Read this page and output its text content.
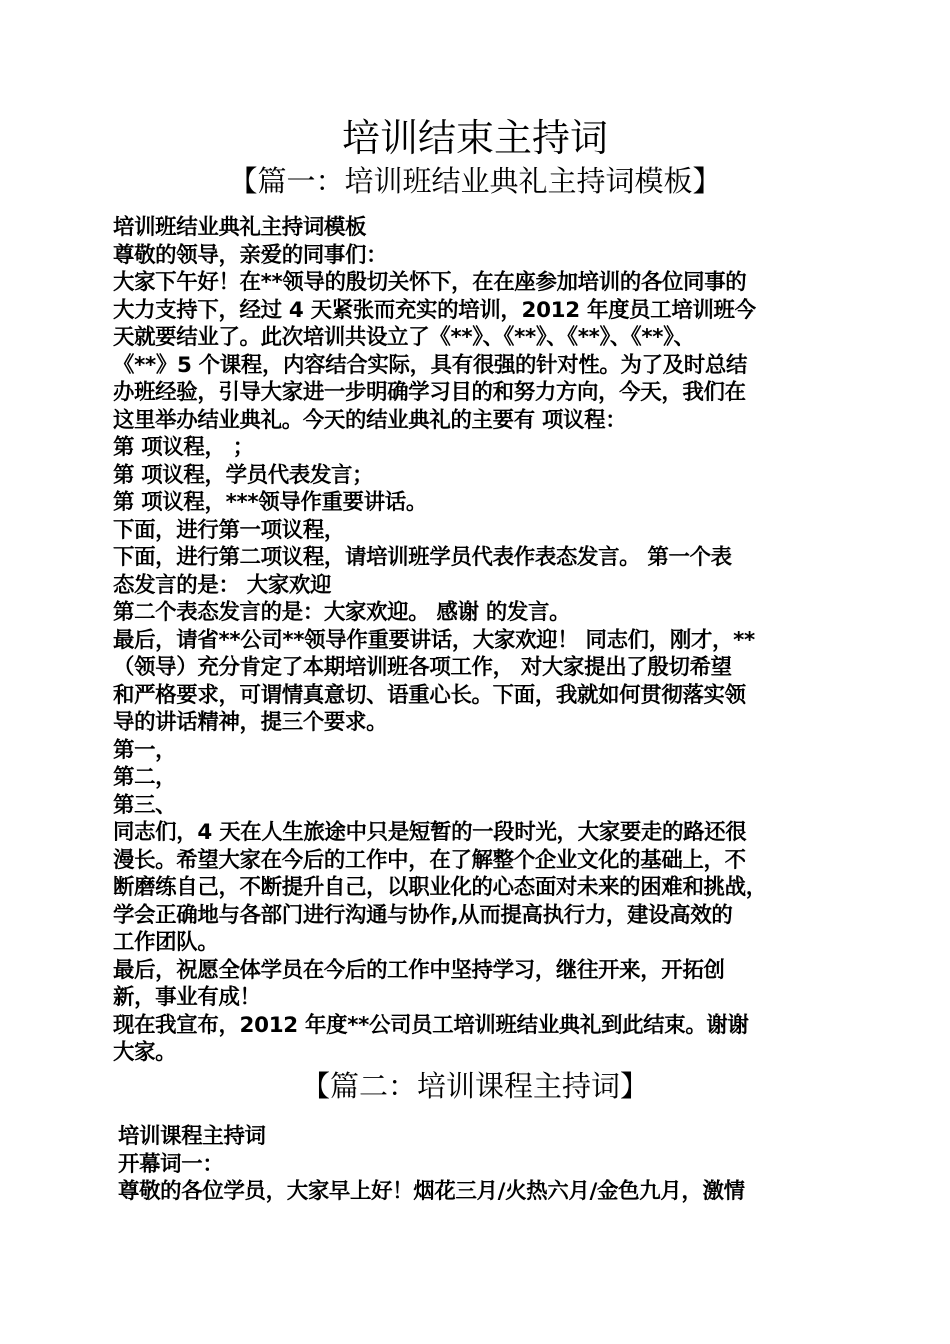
培训结束主持词
【篇一：培训班结业典礼主持词模板】
培训班结业典礼主持词模板
尊敬的领导，亲爱的同事们：
大家下午好！在**领导的殷切关怀下，在在座参加培训的各位同事的
大力支持下，经过 4 天紧张而充实的培训，2012 年度员工培训班今
天就要结业了。此次培训共设立了《**》、《**》、《**》、《**》、
《**》5 个课程，内容结合实际，具有很强的针对性。为了及时总结
办班经验，引导大家进一步明确学习目的和努力方向，今天，我们在
这里举办结业典礼。今天的结业典礼的主要有 项议程：
第 项议程， ；
第 项议程，学员代表发言；
第 项议程，***领导作重要讲话。
下面，进行第一项议程，
下面，进行第二项议程，请培训班学员代表作表态发言。 第一个表
态发言的是： 大家欢迎
第二个表态发言的是：大家欢迎。 感谢 的发言。
最后，请省**公司**领导作重要讲话，大家欢迎！ 同志们，刚才，**
（领导）充分肯定了本期培训班各项工作， 对大家提出了殷切希望
和严格要求，可谓情真意切、语重心长。下面，我就如何贯彻落实领
导的讲话精神，提三个要求。
第一，
第二，
第三、
同志们，4 天在人生旅途中只是短暂的一段时光，大家要走的路还很
漫长。希望大家在今后的工作中，在了解整个企业文化的基础上，不
断磨练自己，不断提升自己，以职业化的心态面对未来的困难和挑战，
学会正确地与各部门进行沟通与协作,从而提高执行力，建设高效的
工作团队。
最后，祝愿全体学员在今后的工作中坚持学习，继往开来，开拓创
新，事业有成！
现在我宣布，2012 年度**公司员工培训班结业典礼到此结束。谢谢
大家。
【篇二：培训课程主持词】
培训课程主持词
开幕词一：
尊敬的各位学员，大家早上好！烟花三月/火热六月/金色九月，激情
